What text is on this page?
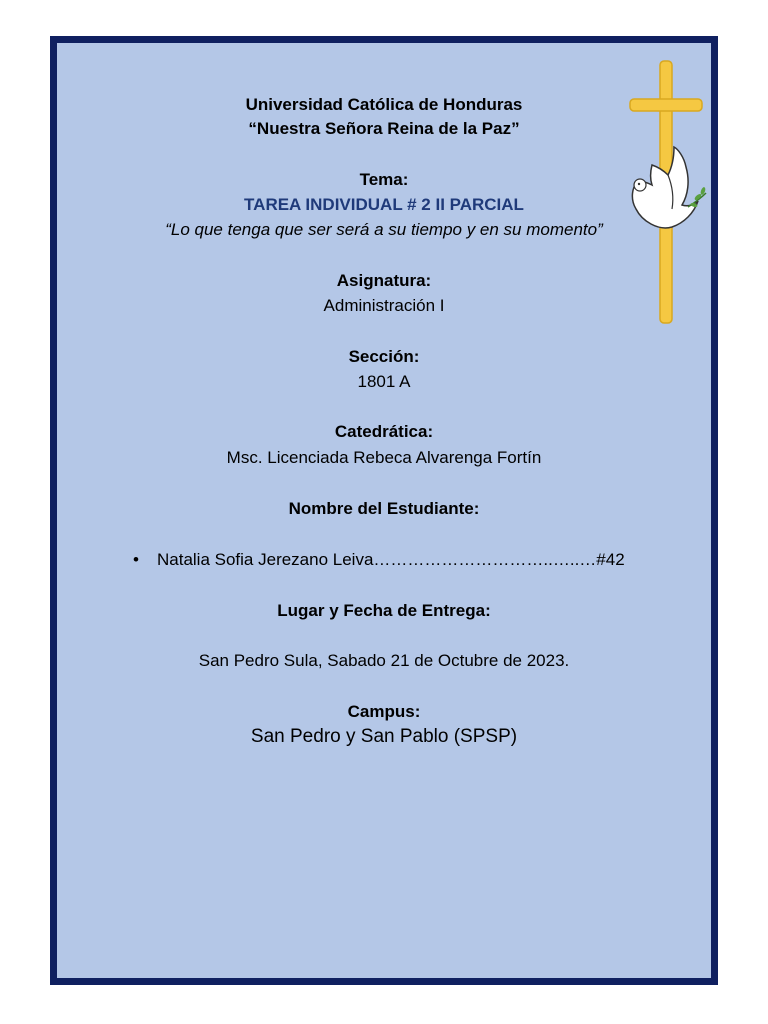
Universidad Católica de Honduras
“Nuestra Señora Reina de la Paz”
Tema:
TAREA INDIVIDUAL # 2 II PARCIAL
“Lo que tenga que ser será a su tiempo y en su momento”
Asignatura:
Administración I
Sección:
1801 A
Catedrática:
Msc. Licenciada Rebeca Alvarenga Fortín
Nombre del Estudiante:
• Natalia Sofia Jerezano Leiva…………………………..…..…#42
Lugar y Fecha de Entrega:
San Pedro Sula, Sabado 21 de Octubre de 2023.
Campus:
San Pedro y San Pablo (SPSP)
